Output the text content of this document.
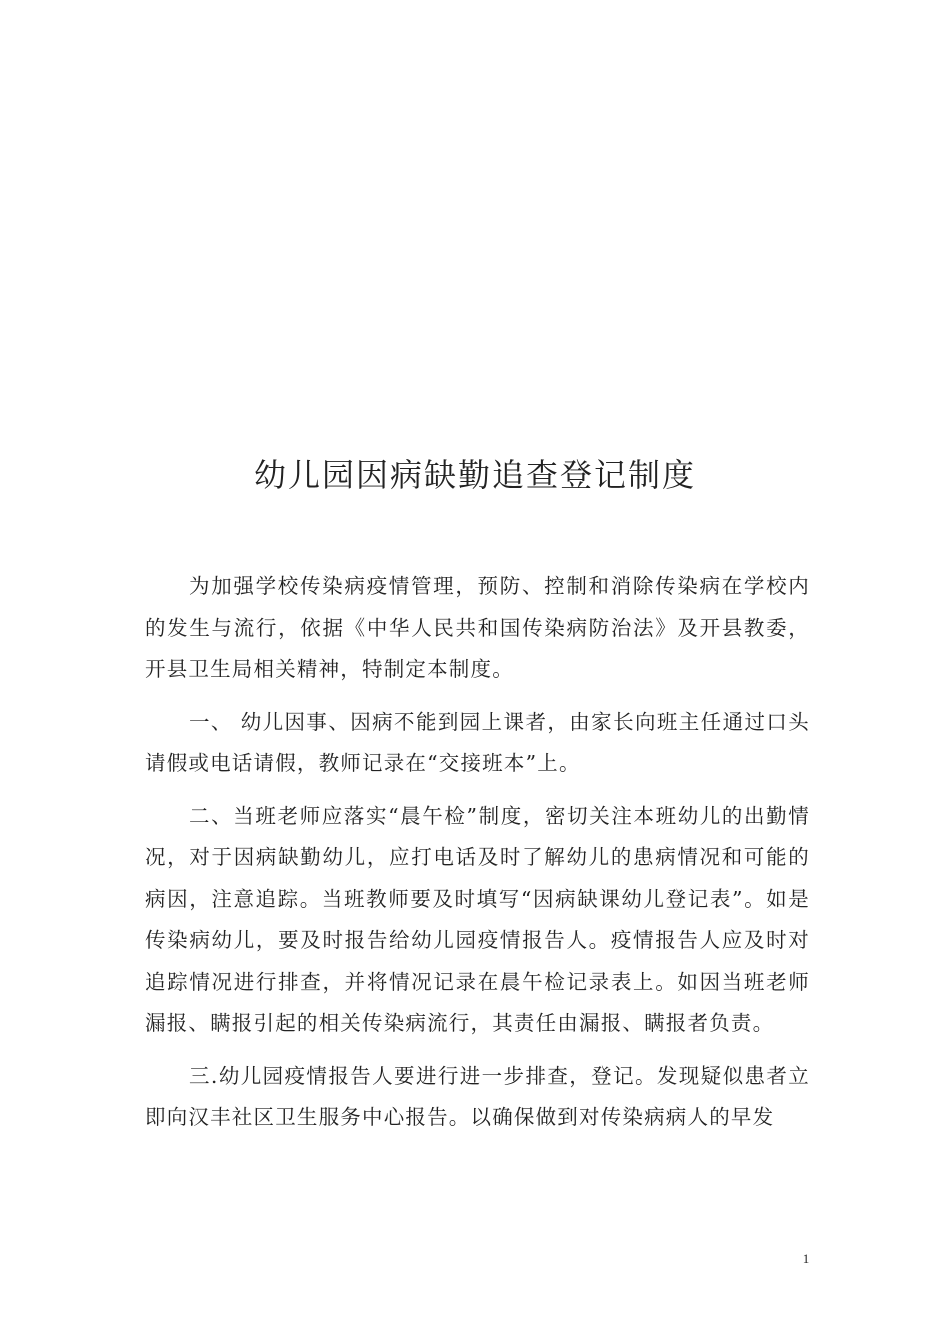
幼儿园因病缺勤追查登记制度

为加强学校传染病疫情管理，预防、控制和消除传染病在学校内的发生与流行，依据《中华人民共和国传染病防治法》及开县教委，开县卫生局相关精神，特制定本制度。

一、 幼儿因事、因病不能到园上课者，由家长向班主任通过口头请假或电话请假，教师记录在“交接班本”上。

二、当班老师应落实“晨午检”制度，密切关注本班幼儿的出勤情况，对于因病缺勤幼儿，应打电话及时了解幼儿的患病情况和可能的病因，注意追踪。当班教师要及时填写“因病缺课幼儿登记表”。如是传染病幼儿，要及时报告给幼儿园疫情报告人。疫情报告人应及时对追踪情况进行排查，并将情况记录在晨午检记录表上。如因当班老师漏报、瞒报引起的相关传染病流行，其责任由漏报、瞒报者负责。

三.幼儿园疫情报告人要进行进一步排查，登记。发现疑似患者立即向汉丰社区卫生服务中心报告。以确保做到对传染病病人的早发

1
